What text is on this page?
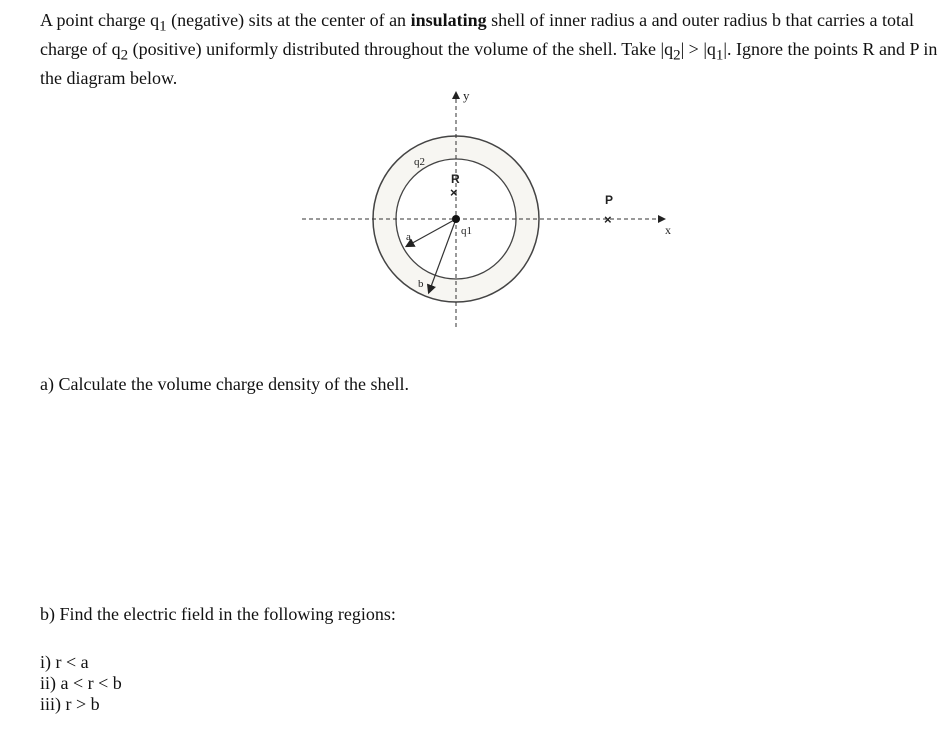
A point charge $q_1$ (negative) sits at the center of an insulating shell of inner radius a and outer radius b that carries a total charge of $q_2$ (positive) uniformly distributed throughout the volume of the shell. Take $|q_2| > |q_1|$. Ignore the points R and P in the diagram below.

y
x
q2
q1
a
b
R
×	P
×

a) Calculate the volume charge density of the shell.

b) Find the electric field in the following regions:

i) r < a
ii) a < r < b
iii) r > b
